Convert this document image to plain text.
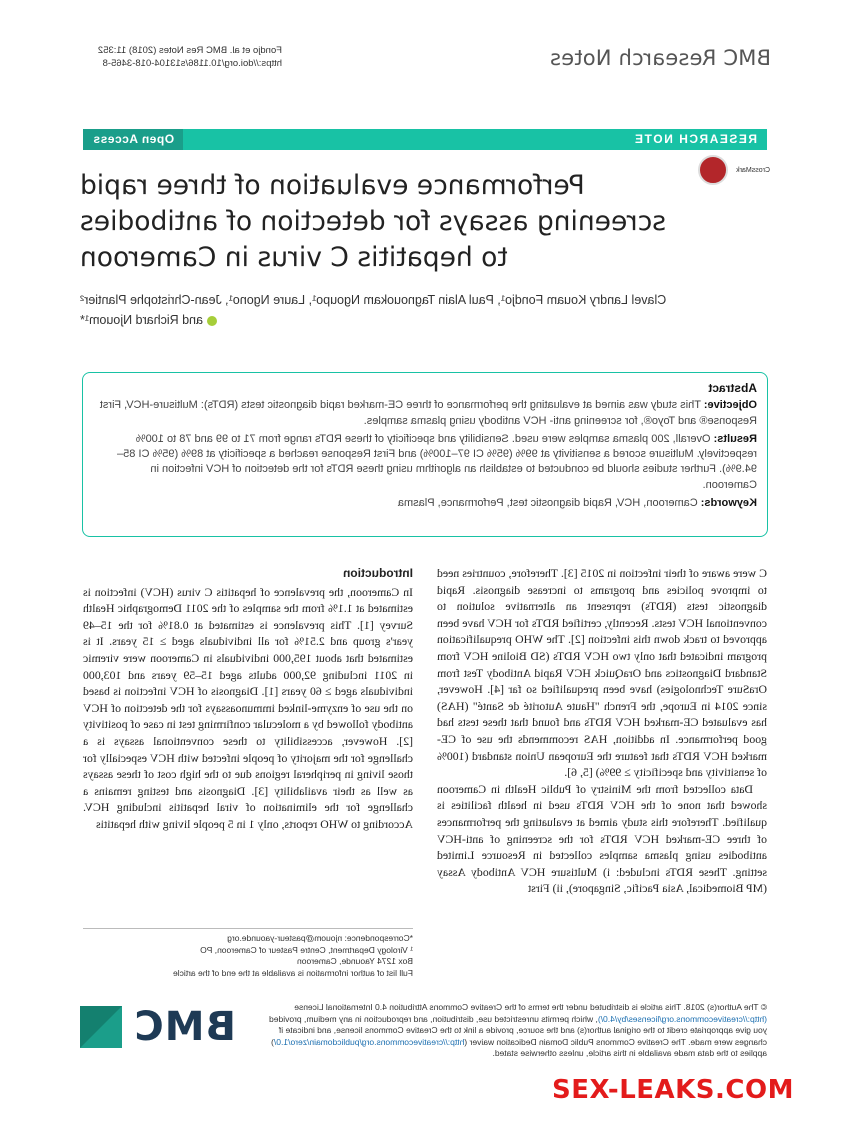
Fondjo et al. BMC Res Notes (2018) 11:352
https://doi.org/10.1186/s13104-018-3465-8	BMC Research Notes
RESEARCH NOTE
Open Access
Performance evaluation of three rapid screening assays for detection of antibodies to hepatitis C virus in Cameroon
CrossMark
Clavel Landry Kouam Fondjo¹, Paul Alain Tagnouokam Ngoupo¹, Laure Ngono¹, Jean-Christophe Plantier²
and Richard Njouom¹*
Abstract

Objective: This study was aimed at evaluating the performance of three CE-marked rapid diagnostic tests (RDTs): Multisure-HCV, First Response® and Toyo®, for screening anti- HCV antibody using plasma samples.

Results: Overall, 200 plasma samples were used. Sensibility and specificity of these RDTs range from 71 to 99 and 78 to 100% respectively. Multisure scored a sensitivity at 99% (95% CI 97–100%) and First Response reached a specificity at 89% (95% CI 85–94.9%). Further studies should be conducted to establish an algorithm using these RDTs for the detection of HCV infection in Cameroon.

Keywords: Cameroon, HCV, Rapid diagnostic test, Performance, Plasma

Introduction

In Cameroon, the prevalence of hepatitis C virus (HCV) infection is estimated at 1.1% from the samples of the 2011 Demographic Health Survey [1]. This prevalence is estimated at 0.81% for the 15–49 year's group and 2.51% for all individuals aged ≥ 15 years. It is estimated that about 195,000 individuals in Cameroon were viremic in 2011 including 92,000 adults aged 15–59 years and 103,000 individuals aged ≥ 60 years [1]. Diagnosis of HCV infection is based on the use of enzyme-linked immunoassays for the detection of HCV antibody followed by a molecular confirming test in case of positivity [2]. However, accessibility to these conventional assays is a challenge for the majority of people infected with HCV especially for those living in peripheral regions due to the high cost of these assays as well as their availability [3]. Diagnosis and testing remains a challenge for the elimination of viral hepatitis including HCV. According to WHO reports, only 1 in 5 people living with hepatitis

C were aware of their infection in 2015 [3]. Therefore, countries need to improve policies and programs to increase diagnosis. Rapid diagnostic tests (RDTs) represent an alternative solution to conventional HCV tests. Recently, certified RDTs for HCV have been approved to track down this infection [2]. The WHO prequalification program indicated that only two HCV RDTs (SD Bioline HCV from Standard Diagnostics and OraQuick HCV Rapid Antibody Test from OraSure Technologies) have been prequalified so far [4]. However, since 2014 in Europe, the French "Haute Autorité de Santé" (HAS) has evaluated CE-marked HCV RDTs and found that these tests had good performance. In addition, HAS recommends the use of CE-marked HCV RDTs that feature the European Union standard (100% of sensitivity and specificity ≥ 99%) [5, 6].

Data collected from the Ministry of Public Health in Cameroon showed that none of the HCV RDTs used in health facilities is qualified. Therefore this study aimed at evaluating the performances of three CE-marked HCV RDTs for the screening of anti-HCV antibodies using plasma samples collected in Resource Limited setting. These RDTs included: i) Multisure HCV Antibody Assay (MP Biomedical, Asia Pacific, Singapore), ii) First

*Correspondence: njouom@pasteur-yaounde.org
¹ Virology Department, Centre Pasteur of Cameroon, PO
Box 1274 Yaounde, Cameroon
Full list of author information is available at the end of the article
© The Author(s) 2018. This article is distributed under the terms of the Creative Commons Attribution 4.0 International License (http://creativecommons.org/licenses/by/4.0/), which permits unrestricted use, distribution, and reproduction in any medium, provided you give appropriate credit to the original author(s) and the source, provide a link to the Creative Commons license, and indicate if changes were made. The Creative Commons Public Domain Dedication waiver (http://creativecommons.org/publicdomain/zero/1.0/) applies to the data made available in this article, unless otherwise stated.
BMC
SEX-LEAKS.COM
